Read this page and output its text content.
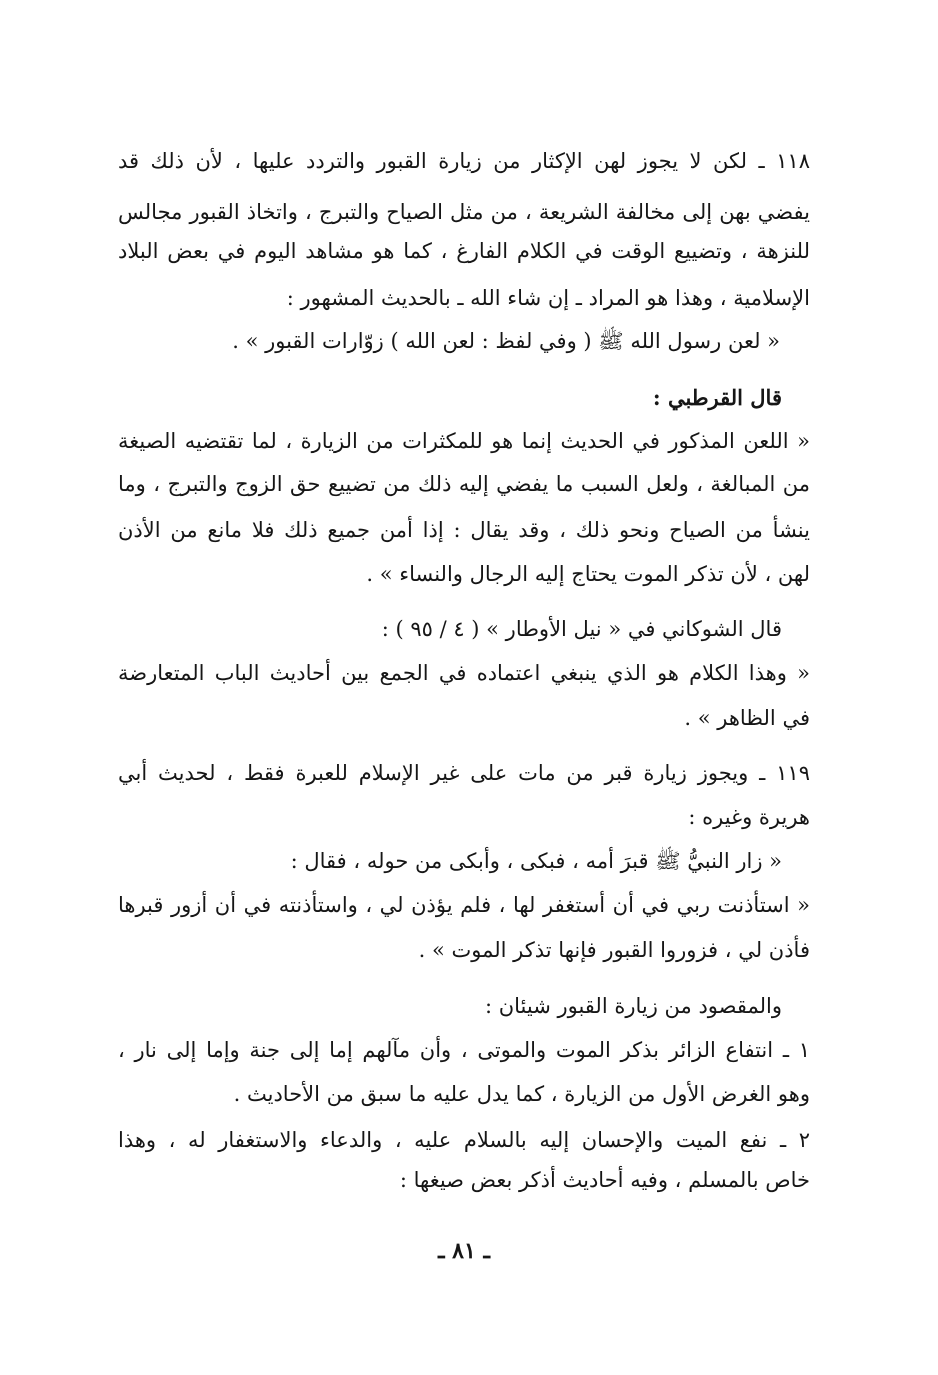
١١٨ ـ لكن لا يجوز لهن الإكثار من زيارة القبور والتردد عليها ، لأن ذلك قد
يفضي بهن إلى مخالفة الشريعة ، من مثل الصياح والتبرج ، واتخاذ القبور مجالس
للنزهة ، وتضييع الوقت في الكلام الفارغ ، كما هو مشاهد اليوم في بعض البلاد
الإسلامية ، وهذا هو المراد ـ إن شاء الله ـ بالحديث المشهور :
« لعن رسول الله ﷺ ( وفي لفظ : لعن الله ) زوّارات القبور » .
قال القرطبي :
« اللعن المذكور في الحديث إنما هو للمكثرات من الزيارة ، لما تقتضيه الصيغة
من المبالغة ، ولعل السبب ما يفضي إليه ذلك من تضييع حق الزوج والتبرج ، وما
ينشأ من الصياح ونحو ذلك ، وقد يقال : إذا أمن جميع ذلك فلا مانع من الأذن
لهن ، لأن تذكر الموت يحتاج إليه الرجال والنساء » .
قال الشوكاني في « نيل الأوطار » ( ٤ / ٩٥ ) :
« وهذا الكلام هو الذي ينبغي اعتماده في الجمع بين أحاديث الباب المتعارضة
في الظاهر » .
١١٩ ـ ويجوز زيارة قبر من مات على غير الإسلام للعبرة فقط ، لحديث أبي
هريرة وغيره :
« زار النبيُّ ﷺ قبرَ أمه ، فبكى ، وأبكى من حوله ، فقال :
« استأذنت ربي في أن أستغفر لها ، فلم يؤذن لي ، واستأذنته في أن أزور قبرها
فأذن لي ، فزوروا القبور فإنها تذكر الموت » .
والمقصود من زيارة القبور شيئان :
١ ـ انتفاع الزائر بذكر الموت والموتى ، وأن مآلهم إما إلى جنة وإما إلى نار ،
وهو الغرض الأول من الزيارة ، كما يدل عليه ما سبق من الأحاديث .
٢ ـ نفع الميت والإحسان إليه بالسلام عليه ، والدعاء والاستغفار له ، وهذا
خاص بالمسلم ، وفيه أحاديث أذكر بعض صيغها :
ـ ٨١ ـ
